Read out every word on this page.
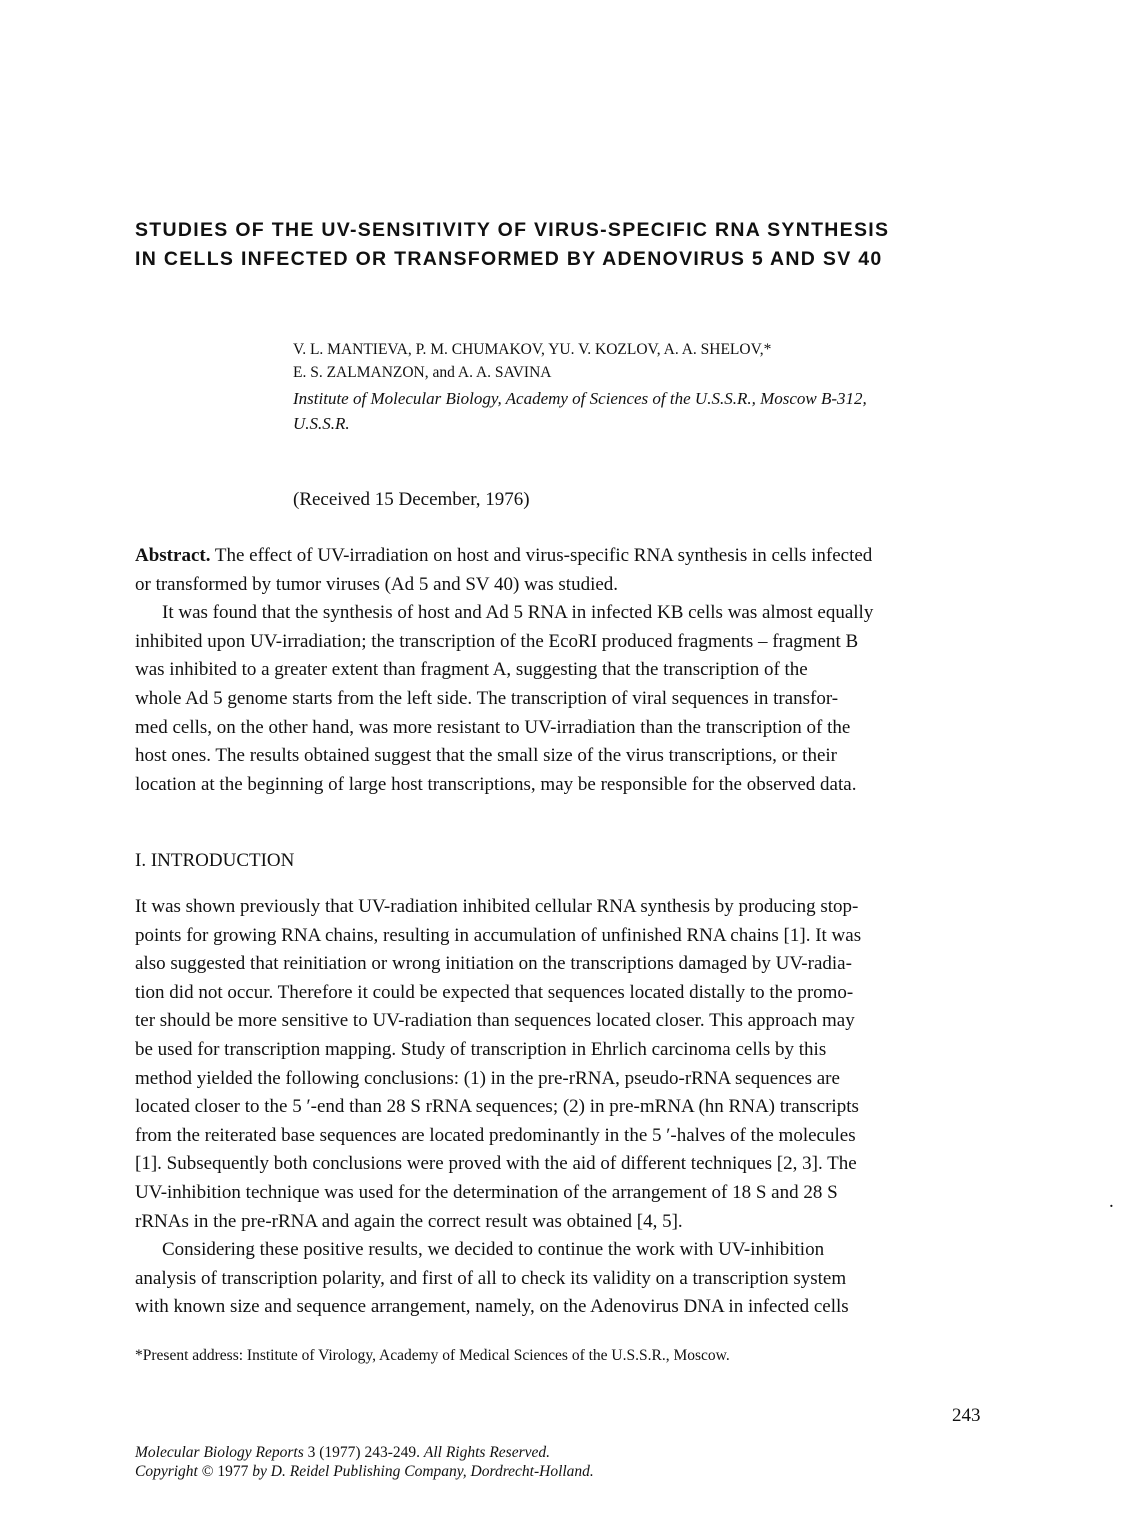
STUDIES OF THE UV-SENSITIVITY OF VIRUS-SPECIFIC RNA SYNTHESIS
IN CELLS INFECTED OR TRANSFORMED BY ADENOVIRUS 5 AND SV 40
V. L. MANTIEVA, P. M. CHUMAKOV, YU. V. KOZLOV, A. A. SHELOV,*
E. S. ZALMANZON, and A. A. SAVINA
Institute of Molecular Biology, Academy of Sciences of the U.S.S.R., Moscow B-312,
U.S.S.R.
(Received 15 December, 1976)
Abstract. The effect of UV-irradiation on host and virus-specific RNA synthesis in cells infected
or transformed by tumor viruses (Ad 5 and SV 40) was studied.
It was found that the synthesis of host and Ad 5 RNA in infected KB cells was almost equally
inhibited upon UV-irradiation; the transcription of the EcoRI produced fragments – fragment B
was inhibited to a greater extent than fragment A, suggesting that the transcription of the
whole Ad 5 genome starts from the left side. The transcription of viral sequences in transfor-
med cells, on the other hand, was more resistant to UV-irradiation than the transcription of the
host ones. The results obtained suggest that the small size of the virus transcriptions, or their
location at the beginning of large host transcriptions, may be responsible for the observed data.
I. INTRODUCTION
It was shown previously that UV-radiation inhibited cellular RNA synthesis by producing stop-
points for growing RNA chains, resulting in accumulation of unfinished RNA chains [1]. It was
also suggested that reinitiation or wrong initiation on the transcriptions damaged by UV-radia-
tion did not occur. Therefore it could be expected that sequences located distally to the promo-
ter should be more sensitive to UV-radiation than sequences located closer. This approach may
be used for transcription mapping. Study of transcription in Ehrlich carcinoma cells by this
method yielded the following conclusions: (1) in the pre-rRNA, pseudo-rRNA sequences are
located closer to the 5 ′-end than 28 S rRNA sequences; (2) in pre-mRNA (hn RNA) transcripts
from the reiterated base sequences are located predominantly in the 5 ′-halves of the molecules
[1]. Subsequently both conclusions were proved with the aid of different techniques [2, 3]. The
UV-inhibition technique was used for the determination of the arrangement of 18 S and 28 S
rRNAs in the pre-rRNA and again the correct result was obtained [4, 5].
Considering these positive results, we decided to continue the work with UV-inhibition
analysis of transcription polarity, and first of all to check its validity on a transcription system
with known size and sequence arrangement, namely, on the Adenovirus DNA in infected cells
.
*Present address: Institute of Virology, Academy of Medical Sciences of the U.S.S.R., Moscow.
243
Molecular Biology Reports 3 (1977) 243-249. All Rights Reserved.
Copyright © 1977 by D. Reidel Publishing Company, Dordrecht-Holland.
